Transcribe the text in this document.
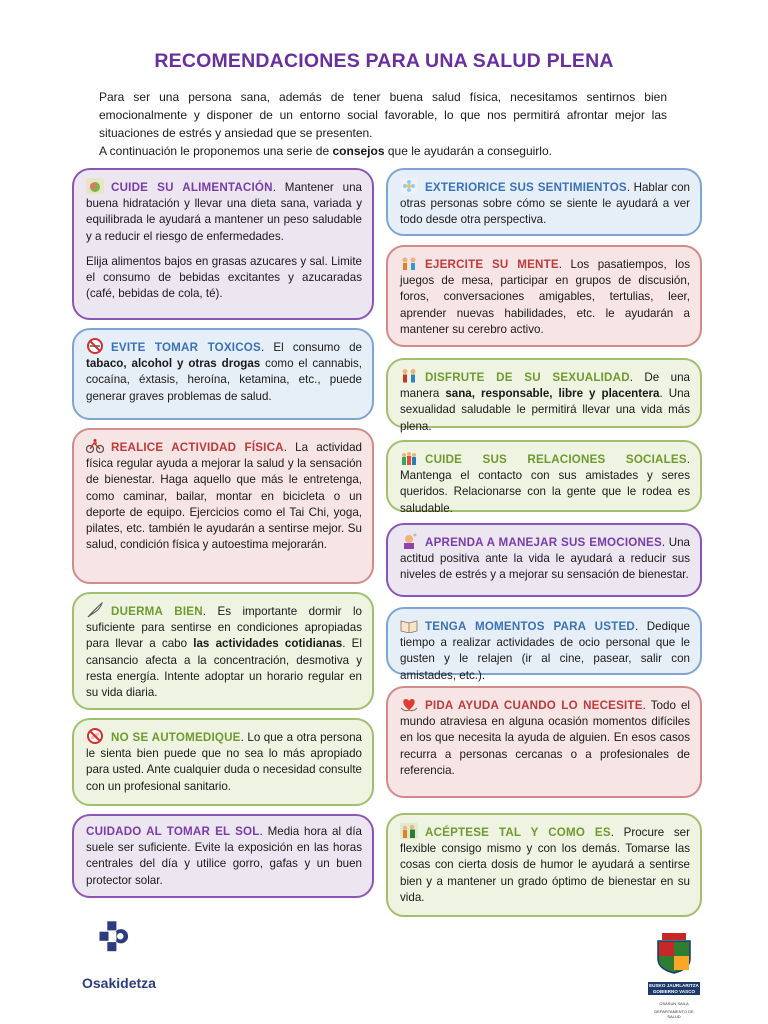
RECOMENDACIONES PARA UNA SALUD PLENA

Para ser una persona sana, además de tener buena salud física, necesitamos sentirnos bien emocionalmente y disponer de un entorno social favorable, lo que nos permitirá afrontar mejor las situaciones de estrés y ansiedad que se presenten.

A continuación le proponemos una serie de consejos que le ayudarán a conseguirlo.

CUIDE SU ALIMENTACIÓN. Mantener una buena hidratación y llevar una dieta sana, variada y equilibrada le ayudará a mantener un peso saludable y a reducir el riesgo de enfermedades.

Elija alimentos bajos en grasas azucares y sal. Limite el consumo de bebidas excitantes y azucaradas (café, bebidas de cola, té).

EVITE TOMAR TOXICOS. El consumo de tabaco, alcohol y otras drogas como el cannabis, cocaína, éxtasis, heroína, ketamina, etc., puede generar graves problemas de salud.

REALICE ACTIVIDAD FÍSICA. La actividad física regular ayuda a mejorar la salud y la sensación de bienestar. Haga aquello que más le entretenga, como caminar, bailar, montar en bicicleta o un deporte de equipo. Ejercicios como el Tai Chi, yoga, pilates, etc. también le ayudarán a sentirse mejor. Su salud, condición física y autoestima mejorarán.

DUERMA BIEN. Es importante dormir lo suficiente para sentirse en condiciones apropiadas para llevar a cabo las actividades cotidianas. El cansancio afecta a la concentración, desmotiva y resta energía. Intente adoptar un horario regular en su vida diaria.

NO SE AUTOMEDIQUE. Lo que a otra persona le sienta bien puede que no sea lo más apropiado para usted. Ante cualquier duda o necesidad consulte con un profesional sanitario.

CUIDADO AL TOMAR EL SOL. Media hora al día suele ser suficiente. Evite la exposición en las horas centrales del día y utilice gorro, gafas y un buen protector solar.

EXTERIORICE SUS SENTIMIENTOS. Hablar con otras personas sobre cómo se siente le ayudará a ver todo desde otra perspectiva.

EJERCITE SU MENTE. Los pasatiempos, los juegos de mesa, participar en grupos de discusión, foros, conversaciones amigables, tertulias, leer, aprender nuevas habilidades, etc. le ayudarán a mantener su cerebro activo.

DISFRUTE DE SU SEXUALIDAD. De una manera sana, responsable, libre y placentera. Una sexualidad saludable le permitirá llevar una vida más plena.

CUIDE SUS RELACIONES SOCIALES. Mantenga el contacto con sus amistades y seres queridos. Relacionarse con la gente que le rodea es saludable.

APRENDA A MANEJAR SUS EMOCIONES. Una actitud positiva ante la vida le ayudará a reducir sus niveles de estrés y a mejorar su sensación de bienestar.

TENGA MOMENTOS PARA USTED. Dedique tiempo a realizar actividades de ocio personal que le gusten y le relajen (ir al cine, pasear, salir con amistades, etc.).

PIDA AYUDA CUANDO LO NECESITE. Todo el mundo atraviesa en alguna ocasión momentos difíciles en los que necesita la ayuda de alguien. En esos casos recurra a personas cercanas o a profesionales de referencia.

ACÉPTESE TAL Y COMO ES. Procure ser flexible consigo mismo y con los demás. Tomarse las cosas con cierta dosis de humor le ayudará a sentirse bien y a mantener un grado óptimo de bienestar en su vida.

Osakidetza	EUSKO JAURLARITZA
GOBIERNO VASCO
OSASUN SAILA
DEPARTAMENTO DE SALUD
